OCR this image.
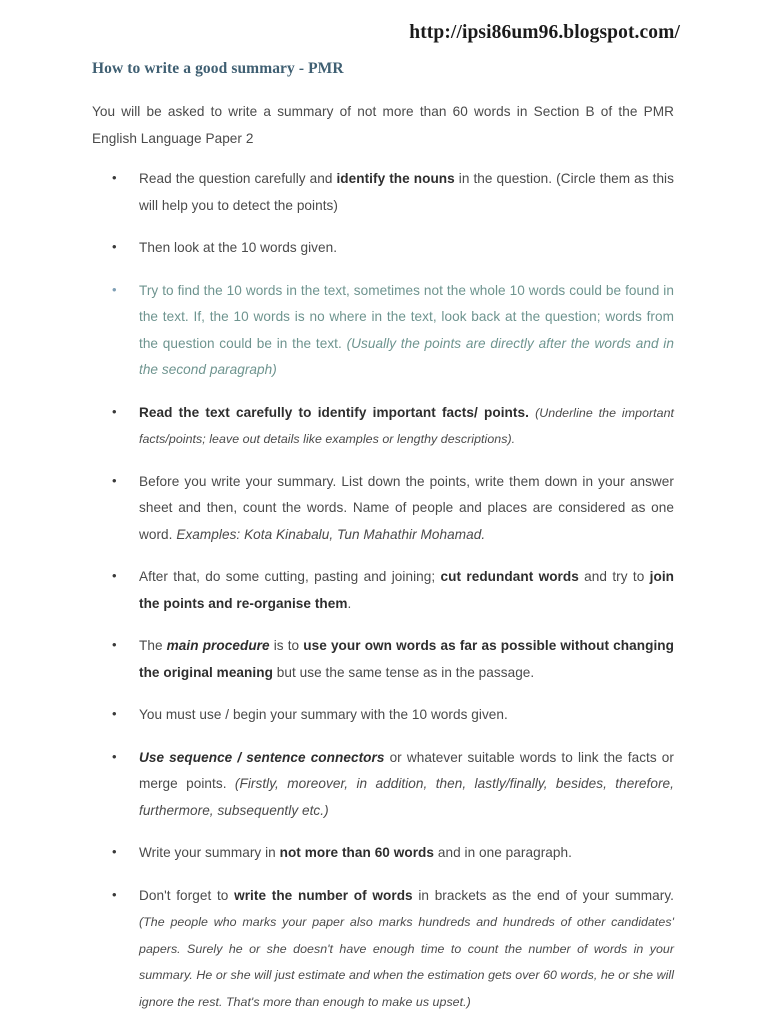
http://ipsi86um96.blogspot.com/
How to write a good summary - PMR

You will be asked to write a summary of not more than 60 words in Section B of the PMR English Language Paper 2

• Read the question carefully and identify the nouns in the question. (Circle them as this will help you to detect the points)
• Then look at the 10 words given.
• Try to find the 10 words in the text, sometimes not the whole 10 words could be found in the text. If, the 10 words is no where in the text, look back at the question; words from the question could be in the text. (Usually the points are directly after the words and in the second paragraph)
• Read the text carefully to identify important facts/ points. (Underline the important facts/points; leave out details like examples or lengthy descriptions).
• Before you write your summary. List down the points, write them down in your answer sheet and then, count the words. Name of people and places are considered as one word. Examples: Kota Kinabalu, Tun Mahathir Mohamad.
• After that, do some cutting, pasting and joining; cut redundant words and try to join the points and re-organise them.
• The main procedure is to use your own words as far as possible without changing the original meaning but use the same tense as in the passage.
• You must use / begin your summary with the 10 words given.
• Use sequence / sentence connectors or whatever suitable words to link the facts or merge points. (Firstly, moreover, in addition, then, lastly/finally, besides, therefore, furthermore, subsequently etc.)
• Write your summary in not more than 60 words and in one paragraph.
• Don't forget to write the number of words in brackets as the end of your summary. (The people who marks your paper also marks hundreds and hundreds of other candidates' papers. Surely he or she doesn't have enough time to count the number of words in your summary. He or she will just estimate and when the estimation gets over 60 words, he or she will ignore the rest. That's more than enough to make us upset.)
